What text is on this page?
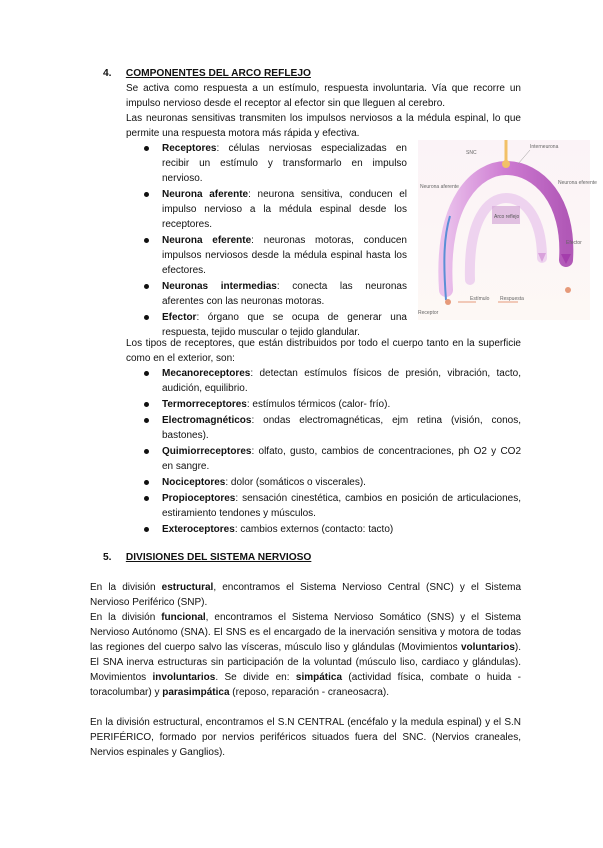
4. COMPONENTES DEL ARCO REFLEJO

Se activa como respuesta a un estímulo, respuesta involuntaria. Vía que recorre un impulso nervioso desde el receptor al efector sin que lleguen al cerebro.

Las neuronas sensitivas transmiten los impulsos nerviosos a la médula espinal, lo que permite una respuesta motora más rápida y efectiva.

Receptores: células nerviosas especializadas en recibir un estímulo y transformarlo en impulso nervioso.
Neurona aferente: neurona sensitiva, conducen el impulso nervioso a la médula espinal desde los receptores.
Neurona eferente: neuronas motoras, conducen impulsos nerviosos desde la médula espinal hasta los efectores.
Neuronas intermedias: conecta las neuronas aferentes con las neuronas motoras.
Efector: órgano que se ocupa de generar una respuesta, tejido muscular o tejido glandular.
SNC
Interneurona
Neurona aferente
Neurona eferente
Arco reflejo
Efector
Estímulo Respuesta
Receptor

Los tipos de receptores, que están distribuidos por todo el cuerpo tanto en la superficie como en el exterior, son:

Mecanoreceptores: detectan estímulos físicos de presión, vibración, tacto, audición, equilibrio.
Termorreceptores: estímulos térmicos (calor- frío).
Electromagnéticos: ondas electromagnéticas, ejm retina (visión, conos, bastones).
Quimiorreceptores: olfato, gusto, cambios de concentraciones, ph O2 y CO2 en sangre.
Nociceptores: dolor (somáticos o viscerales).
Propioceptores: sensación cinestética, cambios en posición de articulaciones, estiramiento tendones y músculos.
Exteroceptores: cambios externos (contacto: tacto)
5. DIVISIONES DEL SISTEMA NERVIOSO

En la división estructural, encontramos el Sistema Nervioso Central (SNC) y el Sistema Nervioso Periférico (SNP).

En la división funcional, encontramos el Sistema Nervioso Somático (SNS) y el Sistema Nervioso Autónomo (SNA). El SNS es el encargado de la inervación sensitiva y motora de todas las regiones del cuerpo salvo las vísceras, músculo liso y glándulas (Movimientos voluntarios). El SNA inerva estructuras sin participación de la voluntad (músculo liso, cardiaco y glándulas). Movimientos involuntarios. Se divide en: simpática (actividad física, combate o huida -toracolumbar) y parasimpática (reposo, reparación - craneosacra).

En la división estructural, encontramos el S.N CENTRAL (encéfalo y la medula espinal) y el S.N PERIFÉRICO, formado por nervios periféricos situados fuera del SNC. (Nervios craneales, Nervios espinales y Ganglios).
